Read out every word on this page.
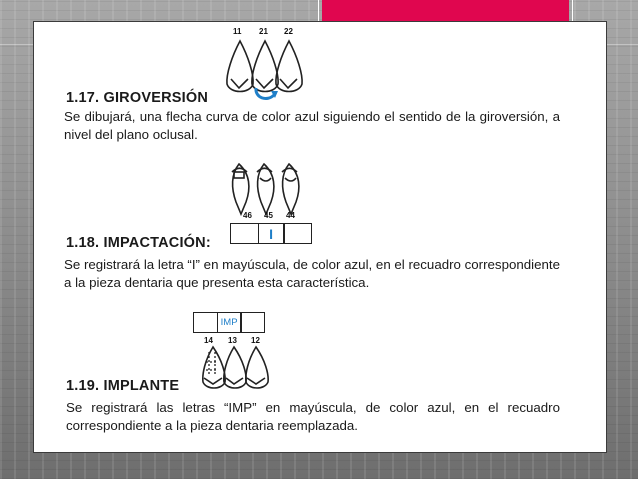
11 21 22
1.17. GIROVERSIÓN
Se dibujará, una flecha curva de color azul siguiendo el sentido de la giroversión, a nivel del plano oclusal.
46 45 44
1.18. IMPACTACIÓN:
I
Se registrará la letra “I” en mayúscula, de color azul, en el recuadro correspondiente a la pieza dentaria que presenta esta característica.
IMP
14 13 12
1.19. IMPLANTE
Se registrará las letras “IMP” en mayúscula, de color azul, en el recuadro correspondiente a la pieza dentaria reemplazada.
